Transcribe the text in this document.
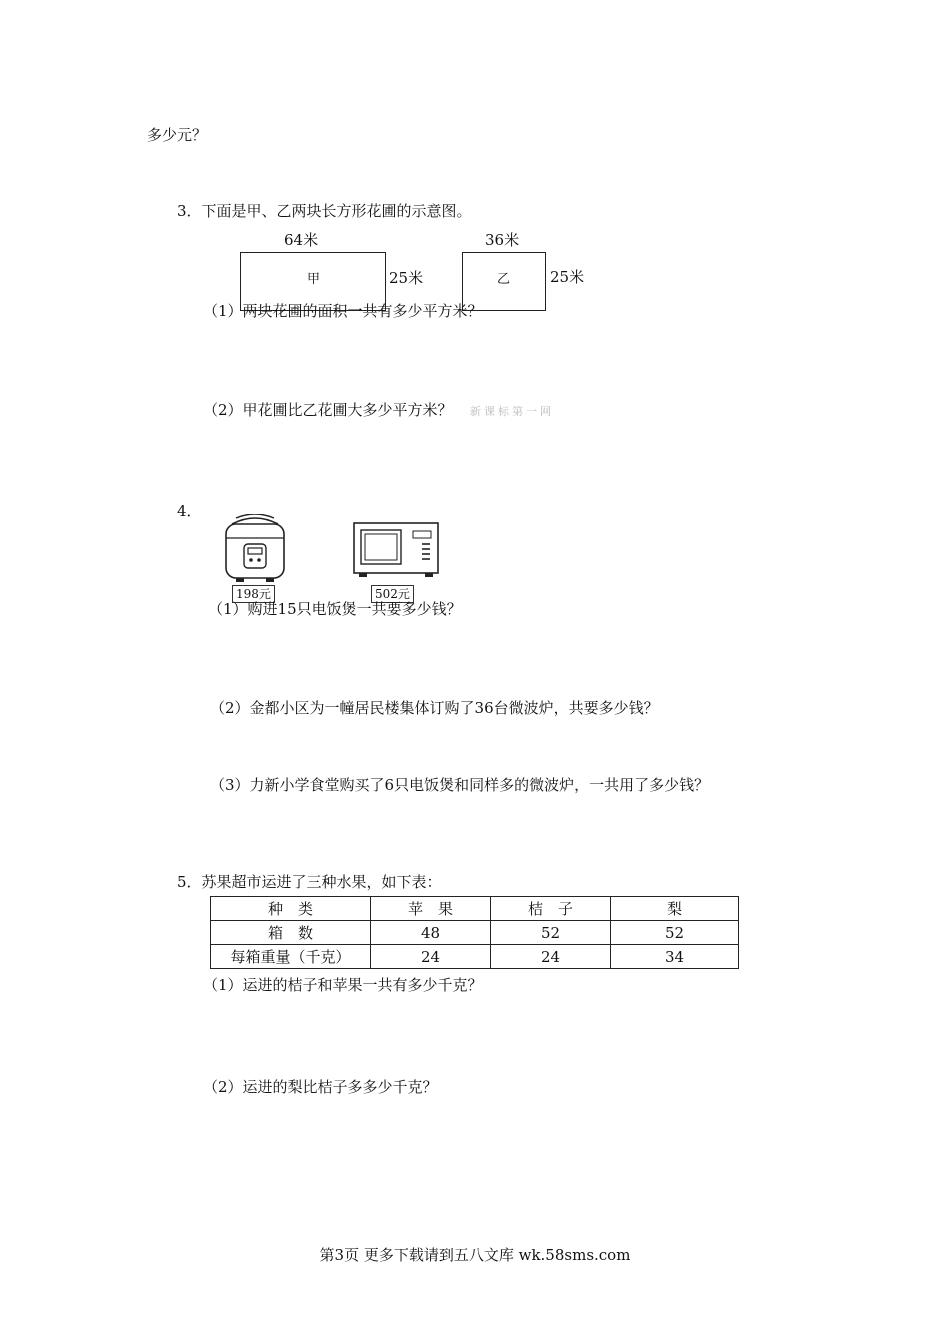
多少元？
3．下面是甲、乙两块长方形花圃的示意图。
64米
甲	25米
36米
乙	25米
（1）两块花圃的面积一共有多少平方米？
（2）甲花圃比乙花圃大多少平方米？ 新课标第一网
4．
198元	502元
（1）购进15只电饭煲一共要多少钱？
（2）金都小区为一幢居民楼集体订购了36台微波炉，共要多少钱？
（3）力新小学食堂购买了6只电饭煲和同样多的微波炉，一共用了多少钱？
5．苏果超市运进了三种水果，如下表：
种　类	苹　果	桔　子	梨
箱　数	48	52	52
每箱重量（千克）	24	24	34
（1）运进的桔子和苹果一共有多少千克？
（2）运进的梨比桔子多多少千克？
第3页 更多下载请到五八文库 wk.58sms.com
